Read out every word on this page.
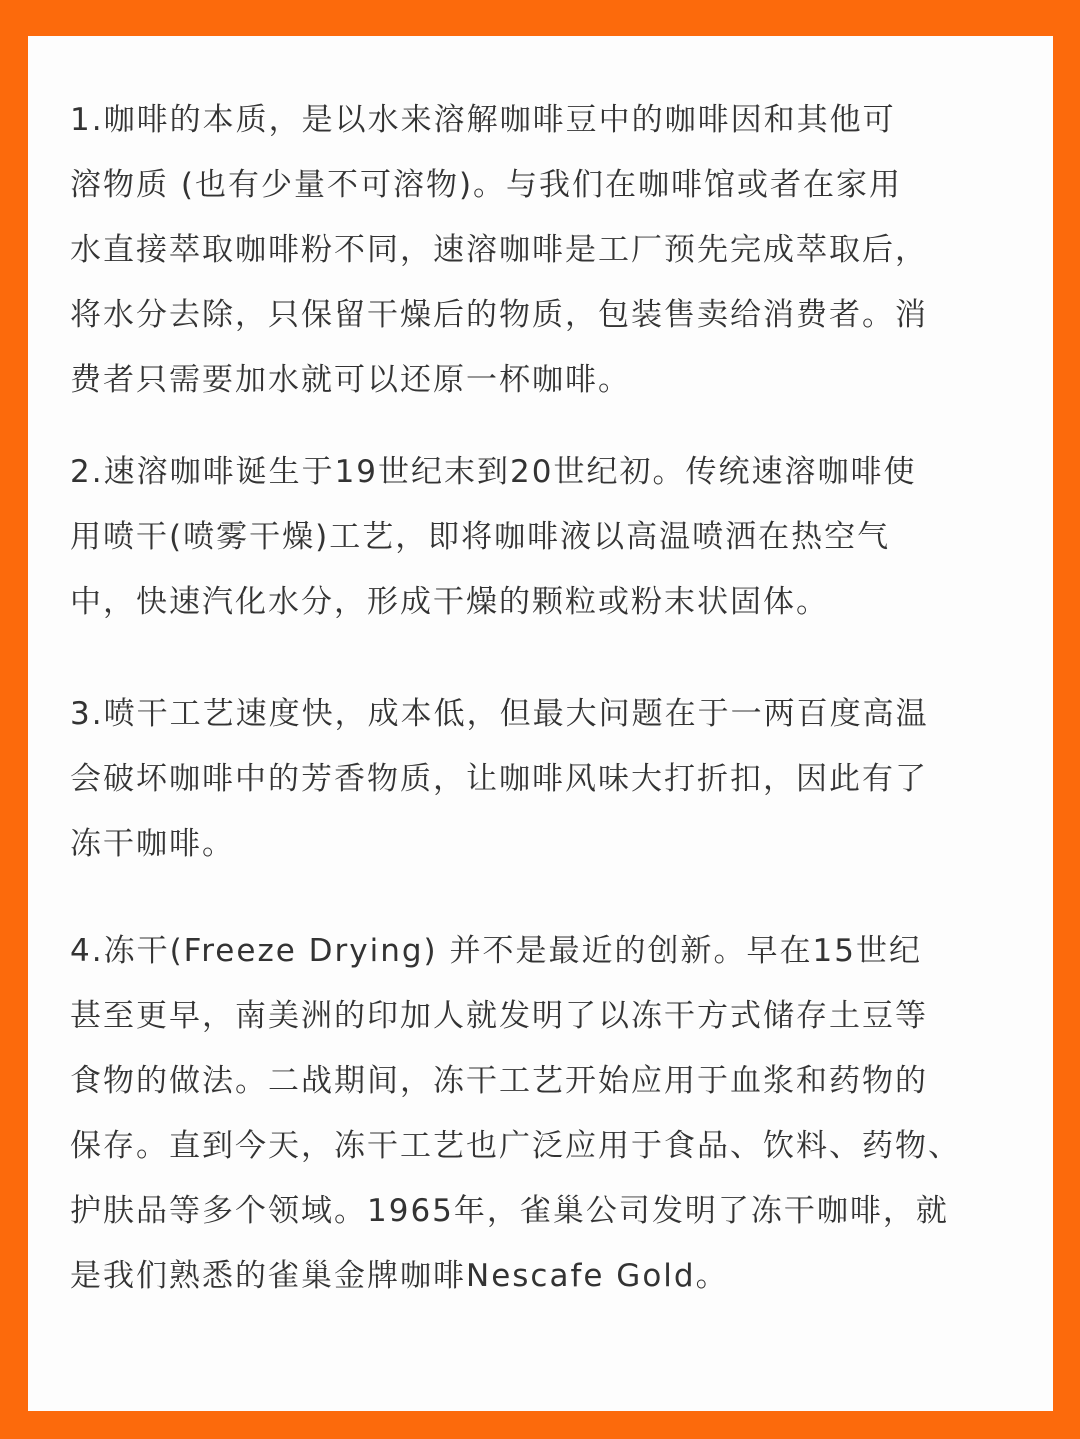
1.咖啡的本质，是以水来溶解咖啡豆中的咖啡因和其他可
溶物质 (也有少量不可溶物)。与我们在咖啡馆或者在家用
水直接萃取咖啡粉不同，速溶咖啡是工厂预先完成萃取后，
将水分去除，只保留干燥后的物质，包装售卖给消费者。消
费者只需要加水就可以还原一杯咖啡。

2.速溶咖啡诞生于19世纪末到20世纪初。传统速溶咖啡使
用喷干(喷雾干燥)工艺，即将咖啡液以高温喷洒在热空气
中，快速汽化水分，形成干燥的颗粒或粉末状固体。

3.喷干工艺速度快，成本低，但最大问题在于一两百度高温
会破坏咖啡中的芳香物质，让咖啡风味大打折扣，因此有了
冻干咖啡。

4.冻干(Freeze Drying) 并不是最近的创新。早在15世纪
甚至更早，南美洲的印加人就发明了以冻干方式储存土豆等
食物的做法。二战期间，冻干工艺开始应用于血浆和药物的
保存。直到今天，冻干工艺也广泛应用于食品、饮料、药物、
护肤品等多个领域。1965年，雀巢公司发明了冻干咖啡，就
是我们熟悉的雀巢金牌咖啡Nescafe Gold。
